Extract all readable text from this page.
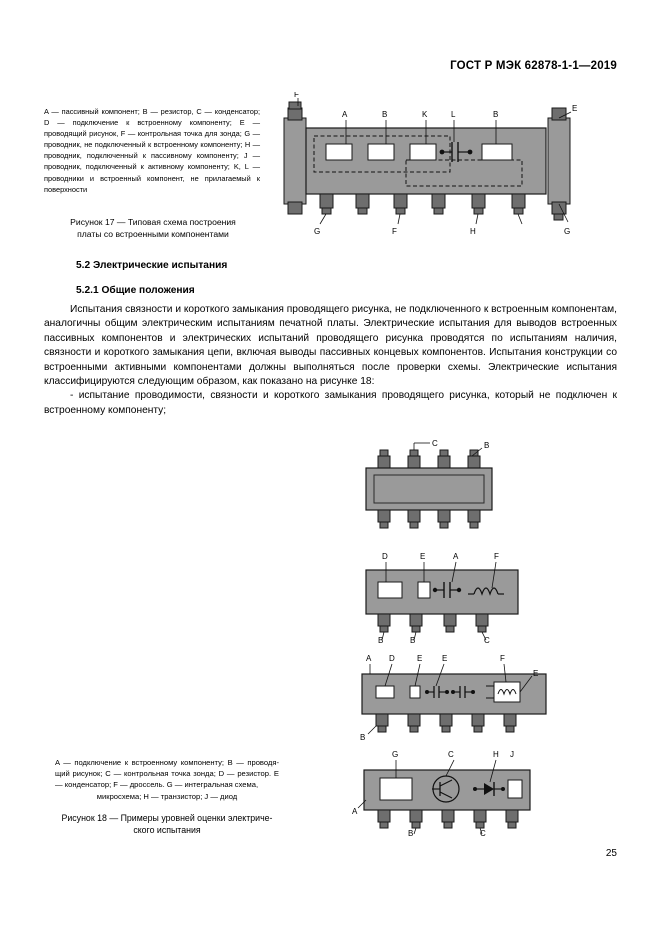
ГОСТ Р МЭК 62878-1-1—2019
F
A	B	K	L	B
E
G	F	H	G
A — пассивный компонент; B — резистор, C — конденсатор; D — подключение к встроенному компоненту; E — проводящий рисунок, F — контрольная точка для зонда; G — проводник, не подключенный к встроенному компоненту; H — проводник, подключенный к пассивному компоненту; J — проводник, подключенный к активному компоненту; K, L — проводники и встроенный компонент, не прилагаемый к поверхности
Рисунок 17 — Типовая схема построения
платы со встроенными компонентами
5.2 Электрические испытания
5.2.1 Общие положения

Испытания связности и короткого замыкания проводящего рисунка, не подключенного к встроенным компонентам, аналогичны общим электрическим испытаниям печатной платы. Электрические испытания для выводов встроенных пассивных компонентов и электрических испытаний проводящего рисунка проводятся по испытаниям наличия, связности и короткого замыкания цепи, включая выводы пассивных концевых компонентов. Испытания конструкции со встроенными активными компонентами должны выполняться после проверки схемы. Электрические испытания классифицируются следующим образом, как показано на рисунке 18:

- испытание проводимости, связности и короткого замыкания проводящего рисунка, который не подключен к встроенному компоненту;

C	B
D	E	A	F
B	B	C
A D	E E	F
E
B
G	C	H J
A
B	C
A — подключение к встроенному компоненту; B — проводя- щий рисунок; C — контрольная точка зонда; D — резистор. E — конденсатор; F — дроссель. G — интегральная схема,
микросхема; H — транзистор; J — диод
Рисунок 18 — Примеры уровней оценки электриче-
ского испытания
25
